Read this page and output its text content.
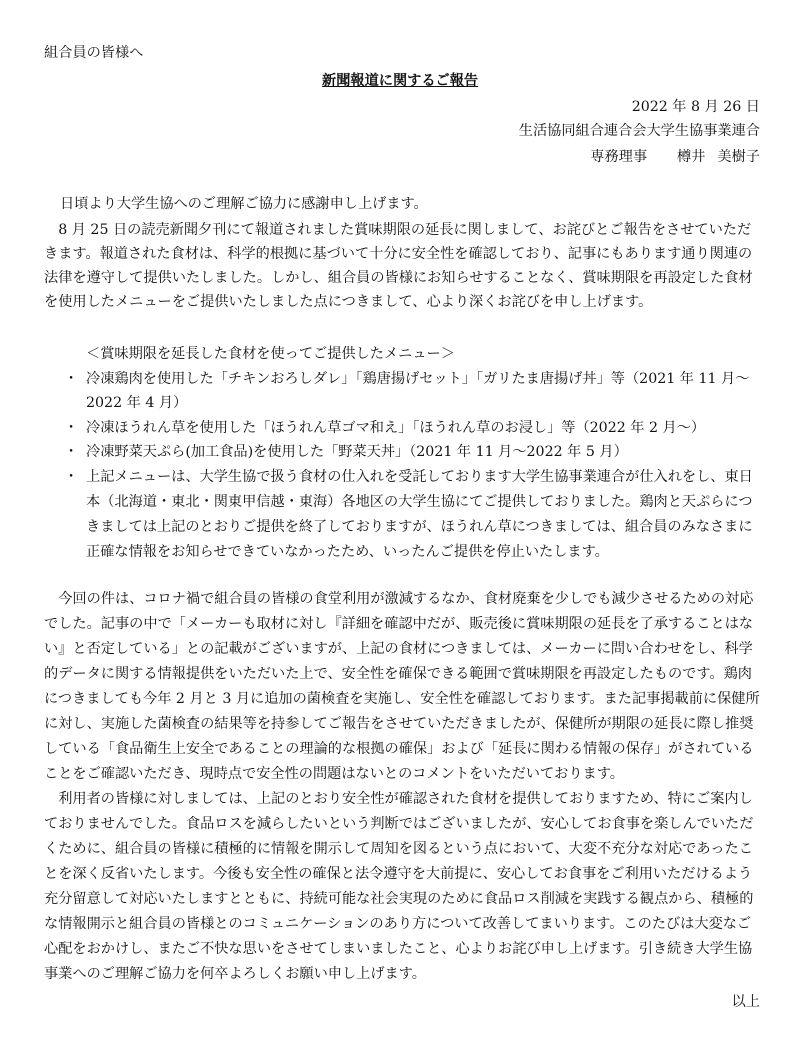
組合員の皆様へ
新聞報道に関するご報告
2022 年 8 月 26 日
生活協同組合連合会大学生協事業連合
専務理事 樽井 美樹子
日頃より大学生協へのご理解ご協力に感謝申し上げます。
　8 月 25 日の読売新聞夕刊にて報道されました賞味期限の延長に関しまして、お詫びとご報告をさせていただ
きます。報道された食材は、科学的根拠に基づいて十分に安全性を確認しており、記事にもあります通り関連の
法律を遵守して提供いたしました。しかし、組合員の皆様にお知らせすることなく、賞味期限を再設定した食材
を使用したメニューをご提供いたしました点につきまして、心より深くお詫びを申し上げます。
＜賞味期限を延長した食材を使ってご提供したメニュー＞
・ 冷凍鶏肉を使用した「チキンおろしダレ」「鶏唐揚げセット」「ガリたま唐揚げ丼」等（2021 年 11 月〜
2022 年 4 月）
・ 冷凍ほうれん草を使用した「ほうれん草ゴマ和え」「ほうれん草のお浸し」等（2022 年 2 月〜）
・ 冷凍野菜天ぷら(加工食品)を使用した「野菜天丼」（2021 年 11 月〜2022 年 5 月）
・ 上記メニューは、大学生協で扱う食材の仕入れを受託しております大学生協事業連合が仕入れをし、東日
本（北海道・東北・関東甲信越・東海）各地区の大学生協にてご提供しておりました。鶏肉と天ぷらにつ
きましては上記のとおりご提供を終了しておりますが、ほうれん草につきましては、組合員のみなさまに
正確な情報をお知らせできていなかったため、いったんご提供を停止いたします。
　今回の件は、コロナ禍で組合員の皆様の食堂利用が激減するなか、食材廃棄を少しでも減少させるための対応
でした。記事の中で「メーカーも取材に対し『詳細を確認中だが、販売後に賞味期限の延長を了承することはな
い』と否定している」との記載がございますが、上記の食材につきましては、メーカーに問い合わせをし、科学
的データに関する情報提供をいただいた上で、安全性を確保できる範囲で賞味期限を再設定したものです。鶏肉
につきましても今年 2 月と 3 月に追加の菌検査を実施し、安全性を確認しております。また記事掲載前に保健所
に対し、実施した菌検査の結果等を持参してご報告をさせていただきましたが、保健所が期限の延長に際し推奨
している「食品衛生上安全であることの理論的な根拠の確保」および「延長に関わる情報の保存」がされている
ことをご確認いただき、現時点で安全性の問題はないとのコメントをいただいております。
　利用者の皆様に対しましては、上記のとおり安全性が確認された食材を提供しておりますため、特にご案内し
ておりませんでした。食品ロスを減らしたいという判断ではございましたが、安心してお食事を楽しんでいただ
くために、組合員の皆様に積極的に情報を開示して周知を図るという点において、大変不充分な対応であったこ
とを深く反省いたします。今後も安全性の確保と法令遵守を大前提に、安心してお食事をご利用いただけるよう
充分留意して対応いたしますとともに、持続可能な社会実現のために食品ロス削減を実践する観点から、積極的
な情報開示と組合員の皆様とのコミュニケーションのあり方について改善してまいります。このたびは大変なご
心配をおかけし、またご不快な思いをさせてしまいましたこと、心よりお詫び申し上げます。引き続き大学生協
事業へのご理解ご協力を何卒よろしくお願い申し上げます。
以上
